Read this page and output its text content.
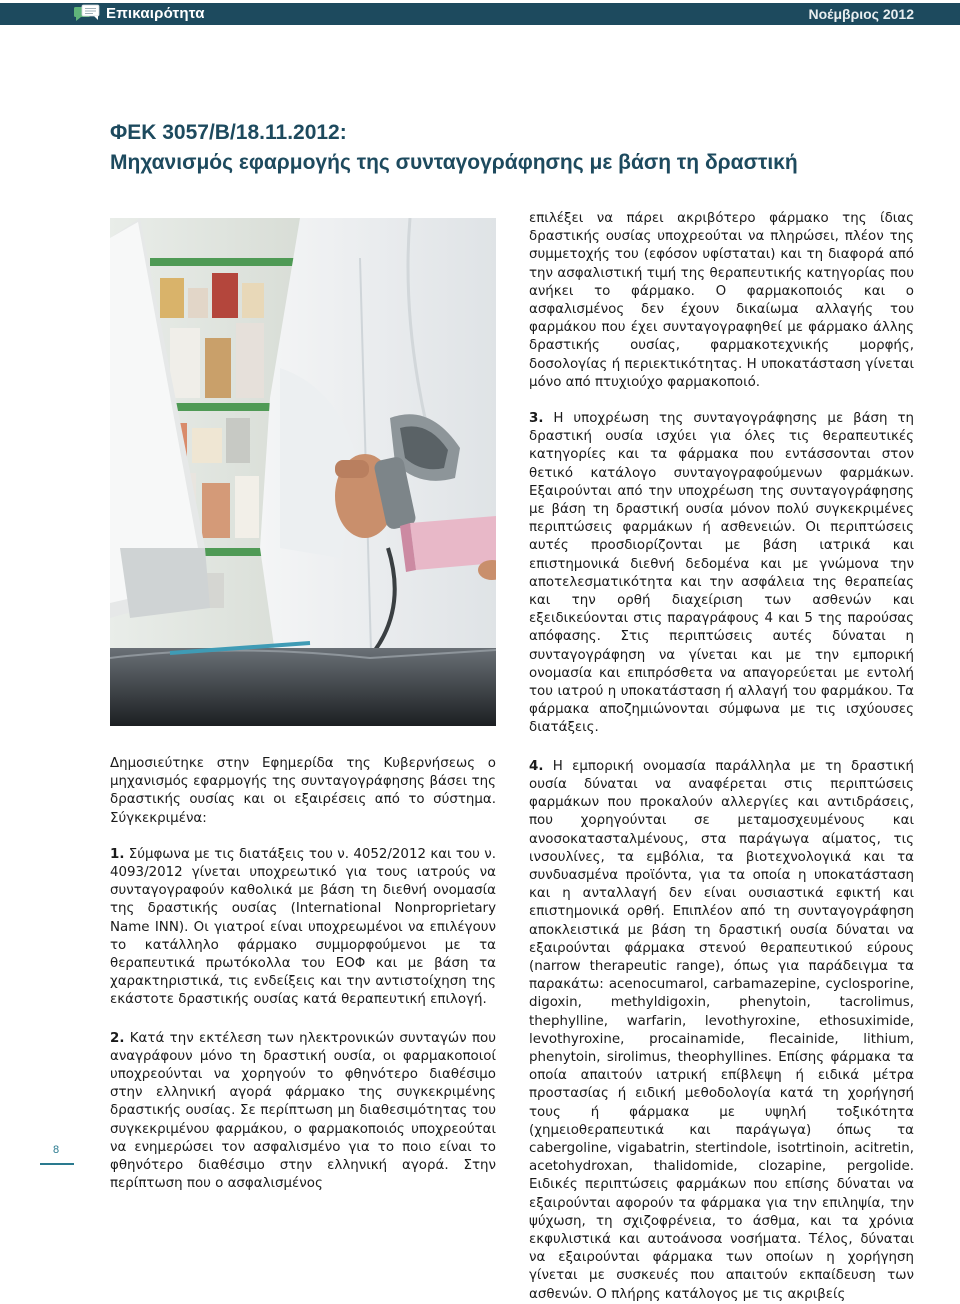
Επικαιρότητα	Νοέμβριος 2012
ΦΕΚ 3057/Β/18.11.2012:
Μηχανισμός εφαρμογής της συνταγογράφησης με βάση τη δραστική

Δημοσιεύτηκε στην Εφημερίδα της Κυβερνήσεως ο μηχανισμός εφαρμογής της συνταγογράφησης βάσει της δραστικής ουσίας και οι εξαιρέσεις από το σύστημα. Σύγκεκριμένα:

1. Σύμφωνα με τις διατάξεις του ν. 4052/2012 και του ν. 4093/2012 γίνεται υποχρεωτικό για τους ιατρούς να συνταγογραφούν καθολικά με βάση τη διεθνή ονομασία της δραστικής ουσίας (International Nonproprietary Name INN). Οι γιατροί είναι υποχρεωμένοι να επιλέγουν το κατάλληλο φάρμακο συμμορφούμενοι με τα θεραπευτικά πρωτόκολλα του ΕΟΦ και με βάση τα χαρακτηριστικά, τις ενδείξεις και την αντιστοίχηση της εκάστοτε δραστικής ουσίας κατά θεραπευτική επιλογή.

2. Κατά την εκτέλεση των ηλεκτρονικών συνταγών που αναγράφουν μόνο τη δραστική ουσία, οι φαρμακοποιοί υποχρεούνται να χορηγούν το φθηνότερο διαθέσιμο στην ελληνική αγορά φάρμακο της συγκεκριμένης δραστικής ουσίας. Σε περίπτωση μη διαθεσιμότητας του συγκεκριμένου φαρμάκου, ο φαρμακοποιός υποχρεούται να ενημερώσει τον ασφαλισμένο για το ποιο είναι το φθηνότερο διαθέσιμο στην ελληνική αγορά. Στην περίπτωση που ο ασφαλισμένος

επιλέξει να πάρει ακριβότερο φάρμακο της ίδιας δραστικής ουσίας υποχρεούται να πληρώσει, πλέον της συμμετοχής του (εφόσον υφίσταται) και τη διαφορά από την ασφαλιστική τιμή της θεραπευτικής κατηγορίας που ανήκει το φάρμακο. Ο φαρμακοποιός και ο ασφαλισμένος δεν έχουν δικαίωμα αλλαγής του φαρμάκου που έχει συνταγογραφηθεί με φάρμακο άλλης δραστικής ουσίας, φαρμακοτεχνικής μορφής, δοσολογίας ή περιεκτικότητας. Η υποκατάσταση γίνεται μόνο από πτυχιούχο φαρμακοποιό.

3. Η υποχρέωση της συνταγογράφησης με βάση τη δραστική ουσία ισχύει για όλες τις θεραπευτικές κατηγορίες και τα φάρμακα που εντάσσονται στον θετικό κατάλογο συνταγογραφούμενων φαρμάκων. Εξαιρούνται από την υποχρέωση της συνταγογράφησης με βάση τη δραστική ουσία μόνον πολύ συγκεκριμένες περιπτώσεις φαρμάκων ή ασθενειών. Οι περιπτώσεις αυτές προσδιορίζονται με βάση ιατρικά και επιστημονικά διεθνή δεδομένα και με γνώμονα την αποτελεσματικότητα και την ασφάλεια της θεραπείας και την ορθή διαχείριση των ασθενών και εξειδικεύονται στις παραγράφους 4 και 5 της παρούσας απόφασης. Στις περιπτώσεις αυτές δύναται η συνταγογράφηση να γίνεται και με την εμπορική ονομασία και επιπρόσθετα να απαγορεύεται με εντολή του ιατρού η υποκατάσταση ή αλλαγή του φαρμάκου. Τα φάρμακα αποζημιώνονται σύμφωνα με τις ισχύουσες διατάξεις.

4. Η εμπορική ονομασία παράλληλα με τη δραστική ουσία δύναται να αναφέρεται στις περιπτώσεις φαρμάκων που προκαλούν αλλεργίες και αντιδράσεις, που χορηγούνται σε μεταμοσχευμένους και ανοσοκατασταλμένους, στα παράγωγα αίματος, τις ινσουλίνες, τα εμβόλια, τα βιοτεχνολογικά και τα συνδυασμένα προϊόντα, για τα οποία η υποκατάσταση και η ανταλλαγή δεν είναι ουσιαστικά εφικτή και επιστημονικά ορθή. Επιπλέον από τη συνταγογράφηση αποκλειστικά με βάση τη δραστική ουσία δύναται να εξαιρούνται φάρμακα στενού θεραπευτικού εύρους (narrow therapeutic range), όπως για παράδειγμα τα παρακάτω: acenocumarol, carbamazepine, cyclosporine, digoxin, methyldigoxin, phenytoin, tacrolimus, thephylline, warfarin, levothyroxine, ethosuximide, levothyroxine, procainamide, flecainide, lithium, phenytoin, sirolimus, theophyllines. Επίσης φάρμακα τα οποία απαιτούν ιατρική επίβλεψη ή ειδικά μέτρα προστασίας ή ειδική μεθοδολογία κατά τη χορήγησή τους ή φάρμακα με υψηλή τοξικότητα (χημειοθεραπευτικά και παράγωγα) όπως τα cabergoline, vigabatrin, stertindole, isotrtinoin, acitretin, acetohydroxan, thalidomide, clozapine, pergolide. Ειδικές περιπτώσεις φαρμάκων που επίσης δύναται να εξαιρούνται αφορούν τα φάρμακα για την επιληψία, την ψύχωση, τη σχιζοφρένεια, το άσθμα, και τα χρόνια εκφυλιστικά και αυτοάνοσα νοσήματα. Τέλος, δύναται να εξαιρούνται φάρμακα των οποίων η χορήγηση γίνεται με συσκευές που απαιτούν εκπαίδευση των ασθενών. Ο πλήρης κατάλογος με τις ακριβείς

8
